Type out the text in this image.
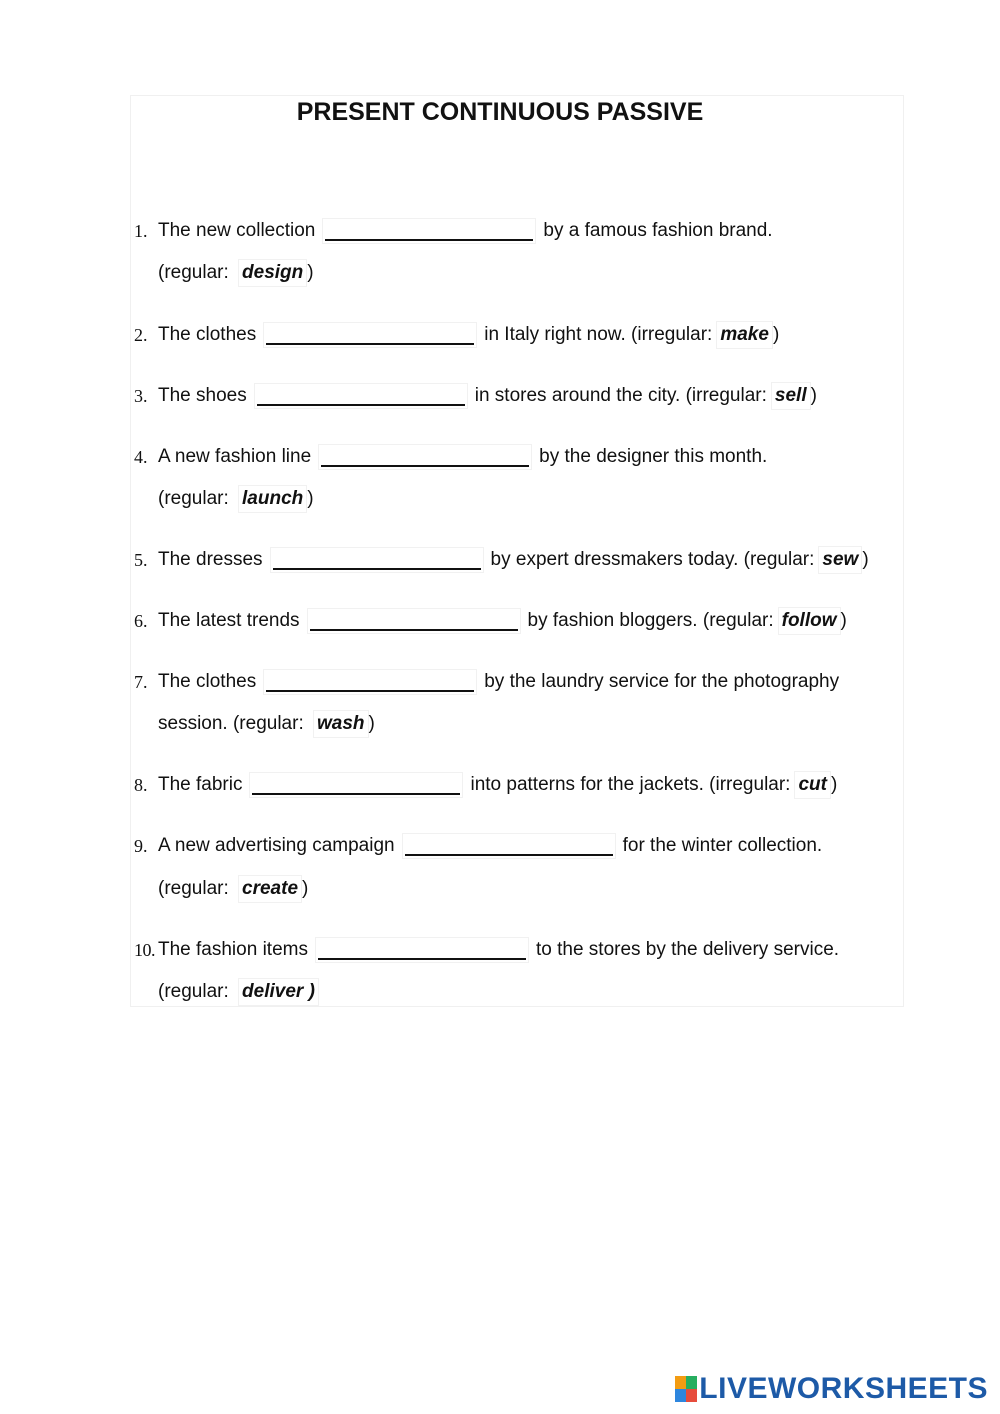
PRESENT CONTINUOUS PASSIVE
1. The new collection	by a famous fashion brand.
(regular: design )
2. The clothes	in Italy right now. (irregular: make )
3. The shoes	in stores around the city. (irregular: sell )
4. A new fashion line	by the designer this month.
(regular: launch )
5. The dresses	by expert dressmakers today. (regular: sew )
6. The latest trends	by fashion bloggers. (regular: follow )
7. The clothes	by the laundry service for the photography
session. (regular: wash )
8. The fabric	into patterns for the jackets. (irregular: cut )
9. A new advertising campaign	for the winter collection.
(regular: create )
10. The fashion items	to the stores by the delivery service.
(regular: deliver )
LIVEWORKSHEETS
